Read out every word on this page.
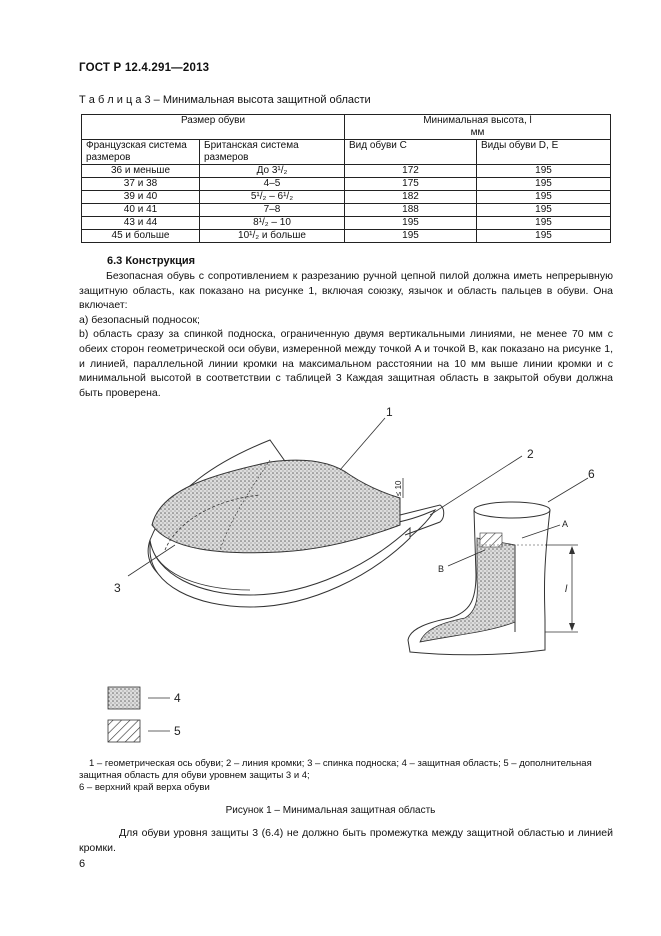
ГОСТ Р 12.4.291—2013
Т а б л и ц а 3 – Минимальная высота защитной области
Размер обуви		Минимальная высота, l
мм	

Французская система размеров	Британская система размеров	Вид обуви С	Виды обуви D, E
36 и меньше	До 3¹/₂	172	195
37 и 38	4–5	175	195
39 и 40	5¹/₂ – 6¹/₂	182	195
40 и 41	7–8	188	195
43 и 44	8¹/₂ – 10	195	195
45 и больше	10¹/₂ и больше	195	195
6.3 Конструкция

Безопасная обувь с сопротивлением к разрезанию ручной цепной пилой должна иметь непрерывную защитную область, как показано на рисунке 1, включая союзку, язычок и область пальцев в обуви. Она включает:

а) безопасный подносок;

b) область сразу за спинкой подноска, ограниченную двумя вертикальными линиями, не менее 70 мм с обеих сторон геометрической оси обуви, измеренной между точкой A и точкой B, как показано на рисунке 1, и линией, параллельной линии кромки на максимальном расстоянии на 10 мм выше линии кромки и с минимальной высотой в соответствии с таблицей 3 Каждая защитная область в закрытой обуви должна быть проверена.

1
2
3
6
A
B
l
≤ 10
4
5
1 – геометрическая ось обуви; 2 – линия кромки; 3 – спинка подноска; 4 – защитная область; 5 – дополнительная защитная область для обуви уровнем защиты 3 и 4;
6 – верхний край верха обуви
Рисунок 1 – Минимальная защитная область
Для обуви уровня защиты 3 (6.4) не должно быть промежутка между защитной областью и линией кромки.
6
